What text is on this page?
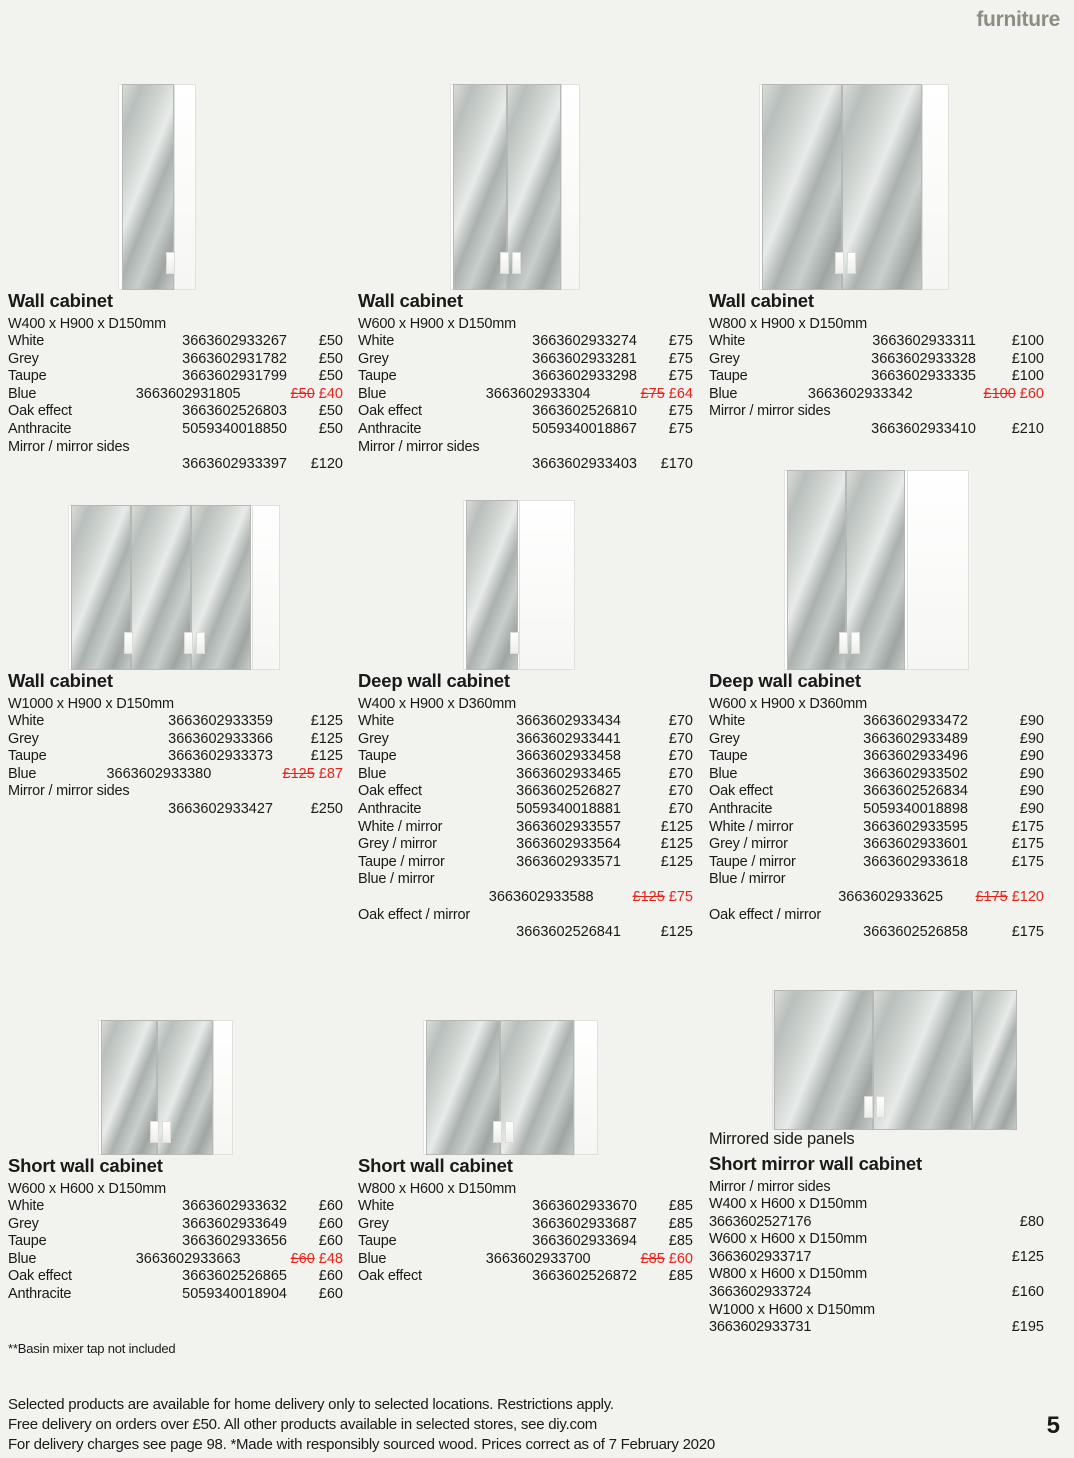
furniture
Wall cabinet
W400 x H900 x D150mm
White	3663602933267	£50
Grey	3663602931782	£50
Taupe	3663602931799	£50
Blue	3663602931805	£50 £40
Oak effect	3663602526803	£50
Anthracite	5059340018850	£50
Mirror / mirror sides		
	3663602933397	£120
Wall cabinet
W600 x H900 x D150mm
White	3663602933274	£75
Grey	3663602933281	£75
Taupe	3663602933298	£75
Blue	3663602933304	£75 £64
Oak effect	3663602526810	£75
Anthracite	5059340018867	£75
Mirror / mirror sides		
	3663602933403	£170
Wall cabinet
W800 x H900 x D150mm
White	3663602933311	£100
Grey	3663602933328	£100
Taupe	3663602933335	£100
Blue	3663602933342	£100 £60
Mirror / mirror sides		
	3663602933410	£210
Wall cabinet
W1000 x H900 x D150mm
White	3663602933359	£125
Grey	3663602933366	£125
Taupe	3663602933373	£125
Blue	3663602933380	£125 £87
Mirror / mirror sides		
	3663602933427	£250
Deep wall cabinet
W400 x H900 x D360mm
White	3663602933434	£70
Grey	3663602933441	£70
Taupe	3663602933458	£70
Blue	3663602933465	£70
Oak effect	3663602526827	£70
Anthracite	5059340018881	£70
White / mirror	3663602933557	£125
Grey / mirror	3663602933564	£125
Taupe / mirror	3663602933571	£125
Blue / mirror		
	3663602933588	£125 £75
Oak effect / mirror		
	3663602526841	£125
Deep wall cabinet
W600 x H900 x D360mm
White	3663602933472	£90
Grey	3663602933489	£90
Taupe	3663602933496	£90
Blue	3663602933502	£90
Oak effect	3663602526834	£90
Anthracite	5059340018898	£90
White / mirror	3663602933595	£175
Grey / mirror	3663602933601	£175
Taupe / mirror	3663602933618	£175
Blue / mirror		
	3663602933625	£175 £120
Oak effect / mirror		
	3663602526858	£175
Short wall cabinet
W600 x H600 x D150mm
White	3663602933632	£60
Grey	3663602933649	£60
Taupe	3663602933656	£60
Blue	3663602933663	£60 £48
Oak effect	3663602526865	£60
Anthracite	5059340018904	£60
Short wall cabinet
W800 x H600 x D150mm
White	3663602933670	£85
Grey	3663602933687	£85
Taupe	3663602933694	£85
Blue	3663602933700	£85 £60
Oak effect	3663602526872	£85
Mirrored side panels
Short mirror wall cabinet
Mirror / mirror sides
W400 x H600 x D150mm	
3663602527176	£80
W600 x H600 x D150mm	
3663602933717	£125
W800 x H600 x D150mm	
3663602933724	£160
W1000 x H600 x D150mm	
3663602933731	£195
**Basin mixer tap not included
Selected products are available for home delivery only to selected locations. Restrictions apply.
Free delivery on orders over £50. All other products available in selected stores, see diy.com
For delivery charges see page 98. *Made with responsibly sourced wood. Prices correct as of 7 February 2020
5
